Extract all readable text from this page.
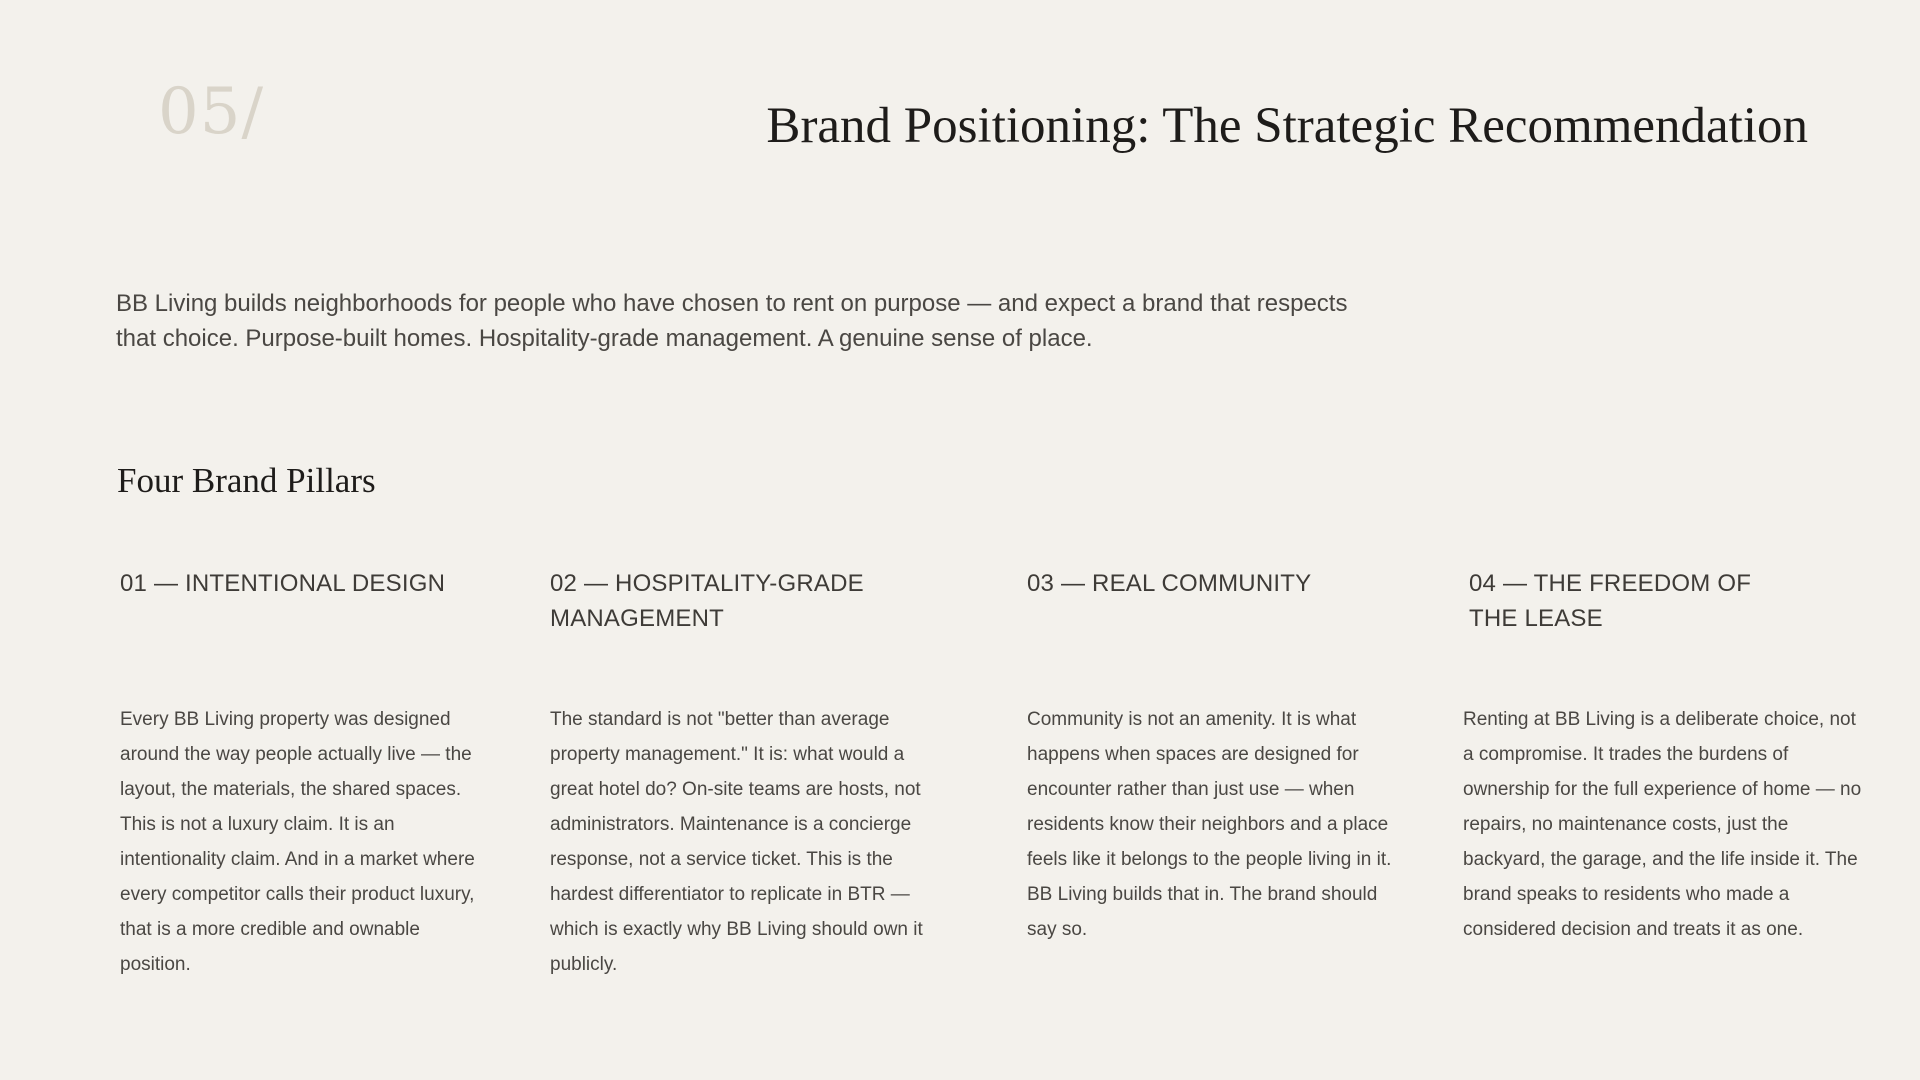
05/	Brand Positioning: The Strategic Recommendation

BB Living builds neighborhoods for people who have chosen to rent on purpose — and expect a brand that respects that choice. Purpose-built homes. Hospitality-grade management. A genuine sense of place.

Four Brand Pillars
01 — INTENTIONAL DESIGN

Every BB Living property was designed around the way people actually live — the layout, the materials, the shared spaces. This is not a luxury claim. It is an intentionality claim. And in a market where every competitor calls their product luxury, that is a more credible and ownable position.

02 — HOSPITALITY-GRADE MANAGEMENT

The standard is not "better than average property management." It is: what would a great hotel do? On-site teams are hosts, not administrators. Maintenance is a concierge response, not a service ticket. This is the hardest differentiator to replicate in BTR — which is exactly why BB Living should own it publicly.

03 — REAL COMMUNITY

Community is not an amenity. It is what happens when spaces are designed for encounter rather than just use — when residents know their neighbors and a place feels like it belongs to the people living in it. BB Living builds that in. The brand should say so.

04 — THE FREEDOM OF THE LEASE

Renting at BB Living is a deliberate choice, not a compromise. It trades the burdens of ownership for the full experience of home — no repairs, no maintenance costs, just the backyard, the garage, and the life inside it. The brand speaks to residents who made a considered decision and treats it as one.
